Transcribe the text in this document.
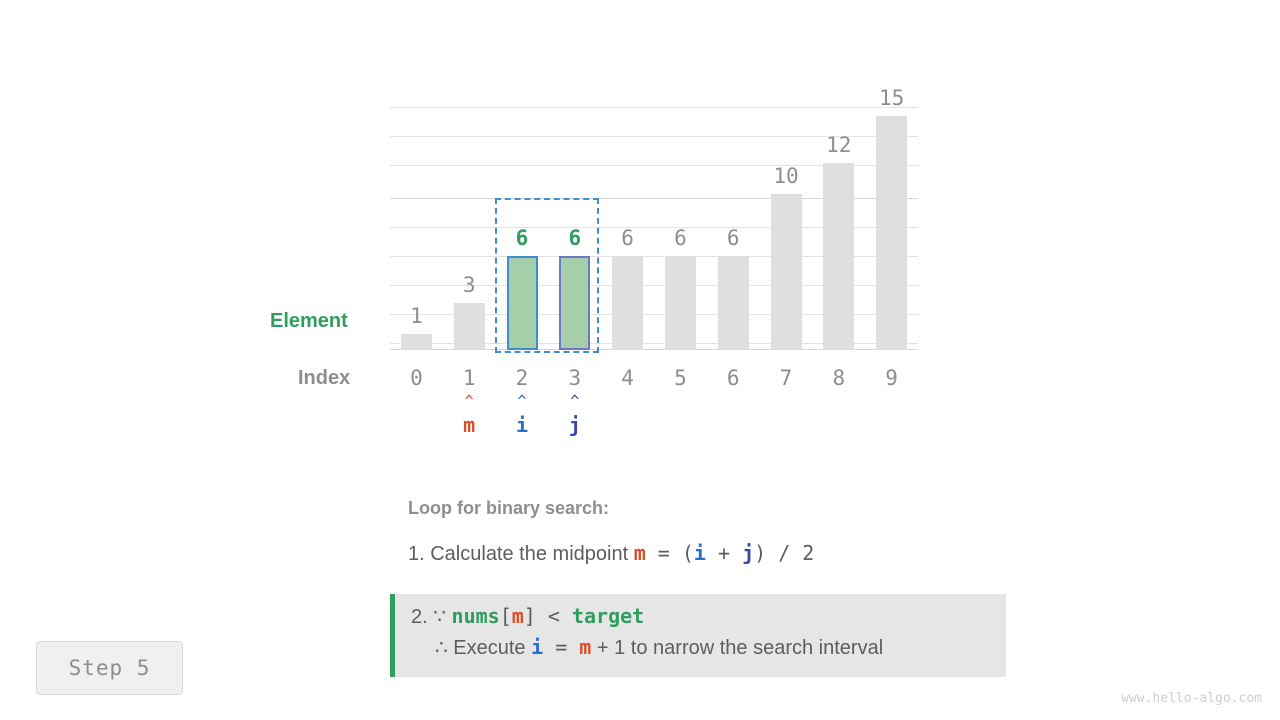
1
3
6	6	6	6	6
10
12
15
Element
Index	0	1	2	3	4	5	6	7	8	9
^
m
^
i
^
j
Loop for binary search:
1. Calculate the midpoint m = (i + j) / 2
2. ∵ nums[m] < target
∴ Execute i = m + 1 to narrow the search interval
Step 5
www.hello-algo.com
